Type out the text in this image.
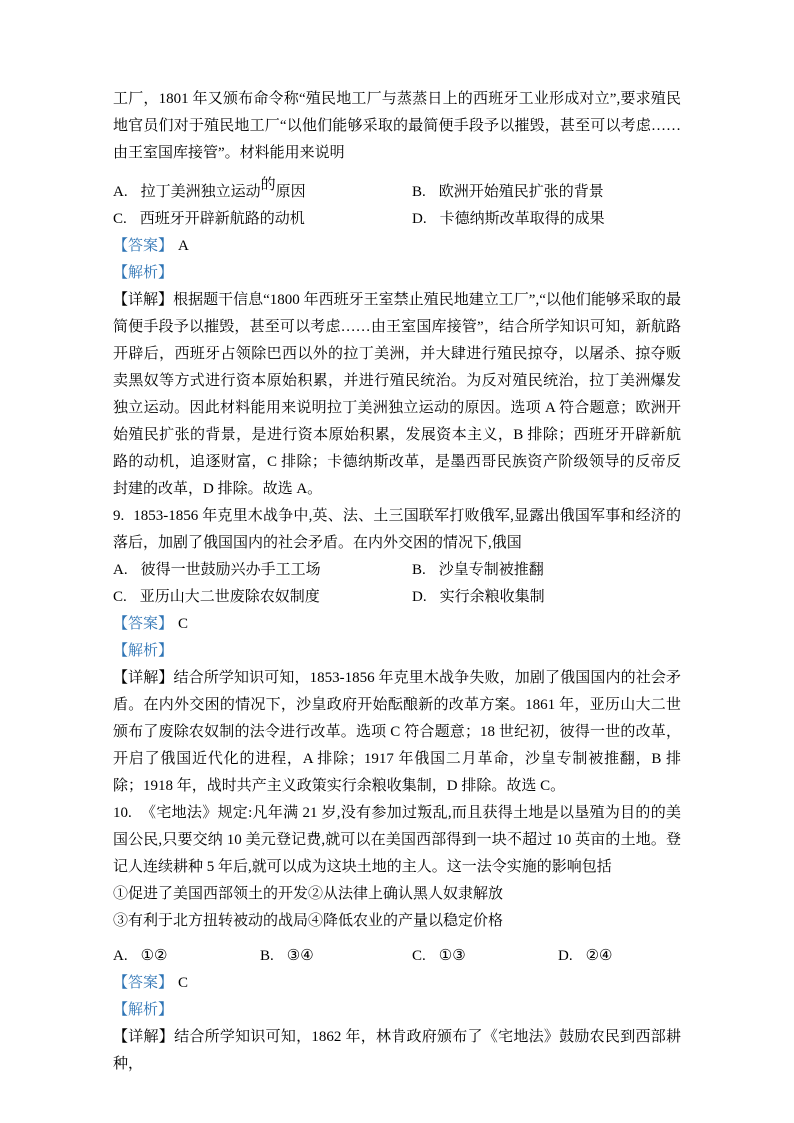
工厂，1801 年又颁布命令称“殖民地工厂与蒸蒸日上的西班牙工业形成对立”,要求殖民地官员们对于殖民地工厂“以他们能够采取的最简便手段予以摧毁，甚至可以考虑……由王室国库接管”。材料能用来说明

A. 拉丁美洲独立运动的原因	B. 欧洲开始殖民扩张的背景
C. 西班牙开辟新航路的动机	D. 卡德纳斯改革取得的成果

【答案】 A

【解析】

【详解】根据题干信息“1800 年西班牙王室禁止殖民地建立工厂”,“以他们能够采取的最简便手段予以摧毁，甚至可以考虑……由王室国库接管”，结合所学知识可知，新航路开辟后，西班牙占领除巴西以外的拉丁美洲，并大肆进行殖民掠夺，以屠杀、掠夺贩卖黑奴等方式进行资本原始积累，并进行殖民统治。为反对殖民统治，拉丁美洲爆发独立运动。因此材料能用来说明拉丁美洲独立运动的原因。选项 A 符合题意；欧洲开始殖民扩张的背景，是进行资本原始积累，发展资本主义，B 排除；西班牙开辟新航路的动机，追逐财富，C 排除；卡德纳斯改革，是墨西哥民族资产阶级领导的反帝反封建的改革，D 排除。故选 A。

9. 1853-1856 年克里木战争中,英、法、土三国联军打败俄军,显露出俄国军事和经济的落后，加剧了俄国国内的社会矛盾。在内外交困的情况下,俄国

A. 彼得一世鼓励兴办手工工场	B. 沙皇专制被推翻
C. 亚历山大二世废除农奴制度	D. 实行余粮收集制

【答案】 C

【解析】

【详解】结合所学知识可知，1853-1856 年克里木战争失败，加剧了俄国国内的社会矛盾。在内外交困的情况下，沙皇政府开始酝酿新的改革方案。1861 年，亚历山大二世颁布了废除农奴制的法令进行改革。选项 C 符合题意；18 世纪初，彼得一世的改革，开启了俄国近代化的进程，A 排除；1917 年俄国二月革命，沙皇专制被推翻，B 排除；1918 年，战时共产主义政策实行余粮收集制，D 排除。故选 C。

10. 《宅地法》规定:凡年满 21 岁,没有参加过叛乱,而且获得土地是以垦殖为目的的美国公民,只要交纳 10 美元登记费,就可以在美国西部得到一块不超过 10 英亩的土地。登记人连续耕种 5 年后,就可以成为这块土地的主人。这一法令实施的影响包括

①促进了美国西部领土的开发②从法律上确认黑人奴隶解放

③有利于北方扭转被动的战局④降低农业的产量以稳定价格

A. ①②	B. ③④	C. ①③	D. ②④

【答案】 C

【解析】

【详解】结合所学知识可知，1862 年，林肯政府颁布了《宅地法》鼓励农民到西部耕种，
